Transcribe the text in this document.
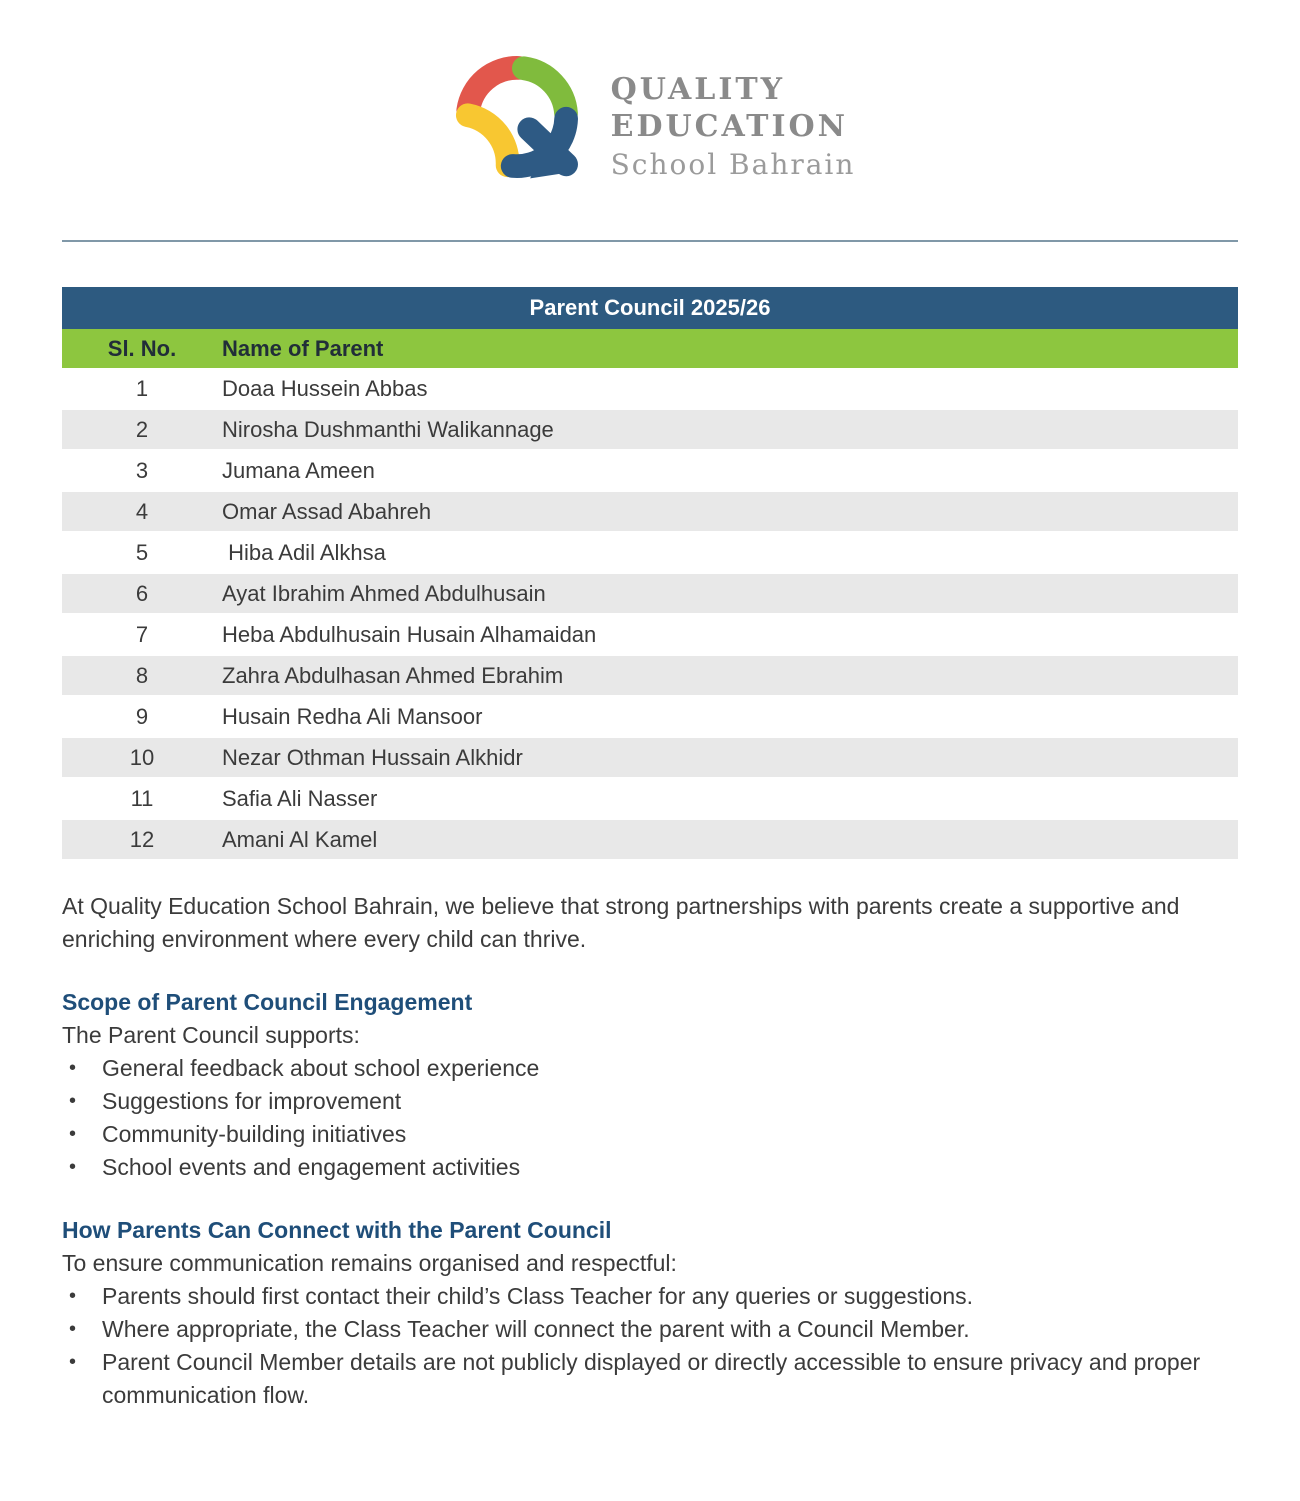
QUALITY
EDUCATION
School Bahrain
Parent Council 2025/26
Sl. No.	Name of Parent
1	Doaa Hussein Abbas
2	Nirosha Dushmanthi Walikannage
3	Jumana Ameen
4	Omar Assad Abahreh
5	Hiba Adil Alkhsa
6	Ayat Ibrahim Ahmed Abdulhusain
7	Heba Abdulhusain Husain Alhamaidan
8	Zahra Abdulhasan Ahmed Ebrahim
9	Husain Redha Ali Mansoor
10	Nezar Othman Hussain Alkhidr
11	Safia Ali Nasser
12	Amani Al Kamel

At Quality Education School Bahrain, we believe that strong partnerships with parents create a supportive and enriching environment where every child can thrive.

Scope of Parent Council Engagement

The Parent Council supports:

• General feedback about school experience
• Suggestions for improvement
• Community-building initiatives
• School events and engagement activities
How Parents Can Connect with the Parent Council

To ensure communication remains organised and respectful:

• Parents should first contact their child’s Class Teacher for any queries or suggestions.
• Where appropriate, the Class Teacher will connect the parent with a Council Member.
• Parent Council Member details are not publicly displayed or directly accessible to ensure privacy and proper communication flow.
